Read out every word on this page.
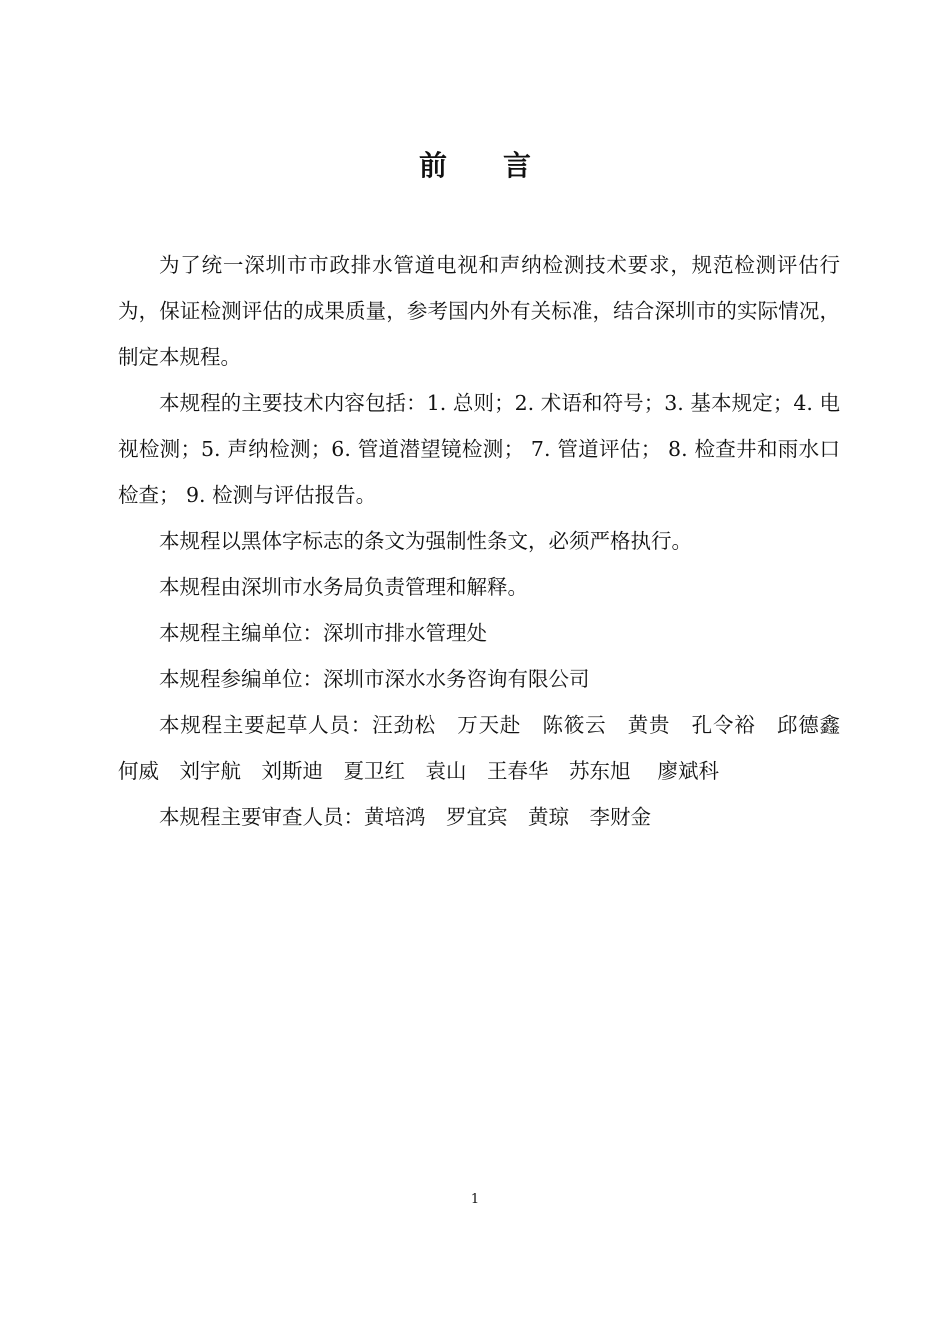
前言

为了统一深圳市市政排水管道电视和声纳检测技术要求，规范检测评估行为，保证检测评估的成果质量，参考国内外有关标准，结合深圳市的实际情况，制定本规程。

本规程的主要技术内容包括：1. 总则；2. 术语和符号；3. 基本规定；4. 电视检测；5. 声纳检测；6. 管道潜望镜检测； 7. 管道评估； 8. 检查井和雨水口检查； 9. 检测与评估报告。

本规程以黑体字标志的条文为强制性条文，必须严格执行。

本规程由深圳市水务局负责管理和解释。

本规程主编单位：深圳市排水管理处

本规程参编单位：深圳市深水水务咨询有限公司

本规程主要起草人员：汪劲松　万天赴　陈筱云　黄贵　孔令裕　邱德鑫　何威　刘宇航　刘斯迪　夏卫红　袁山　王春华　苏东旭　 廖斌科

本规程主要审查人员：黄培鸿　罗宜宾　黄琼　李财金

1
